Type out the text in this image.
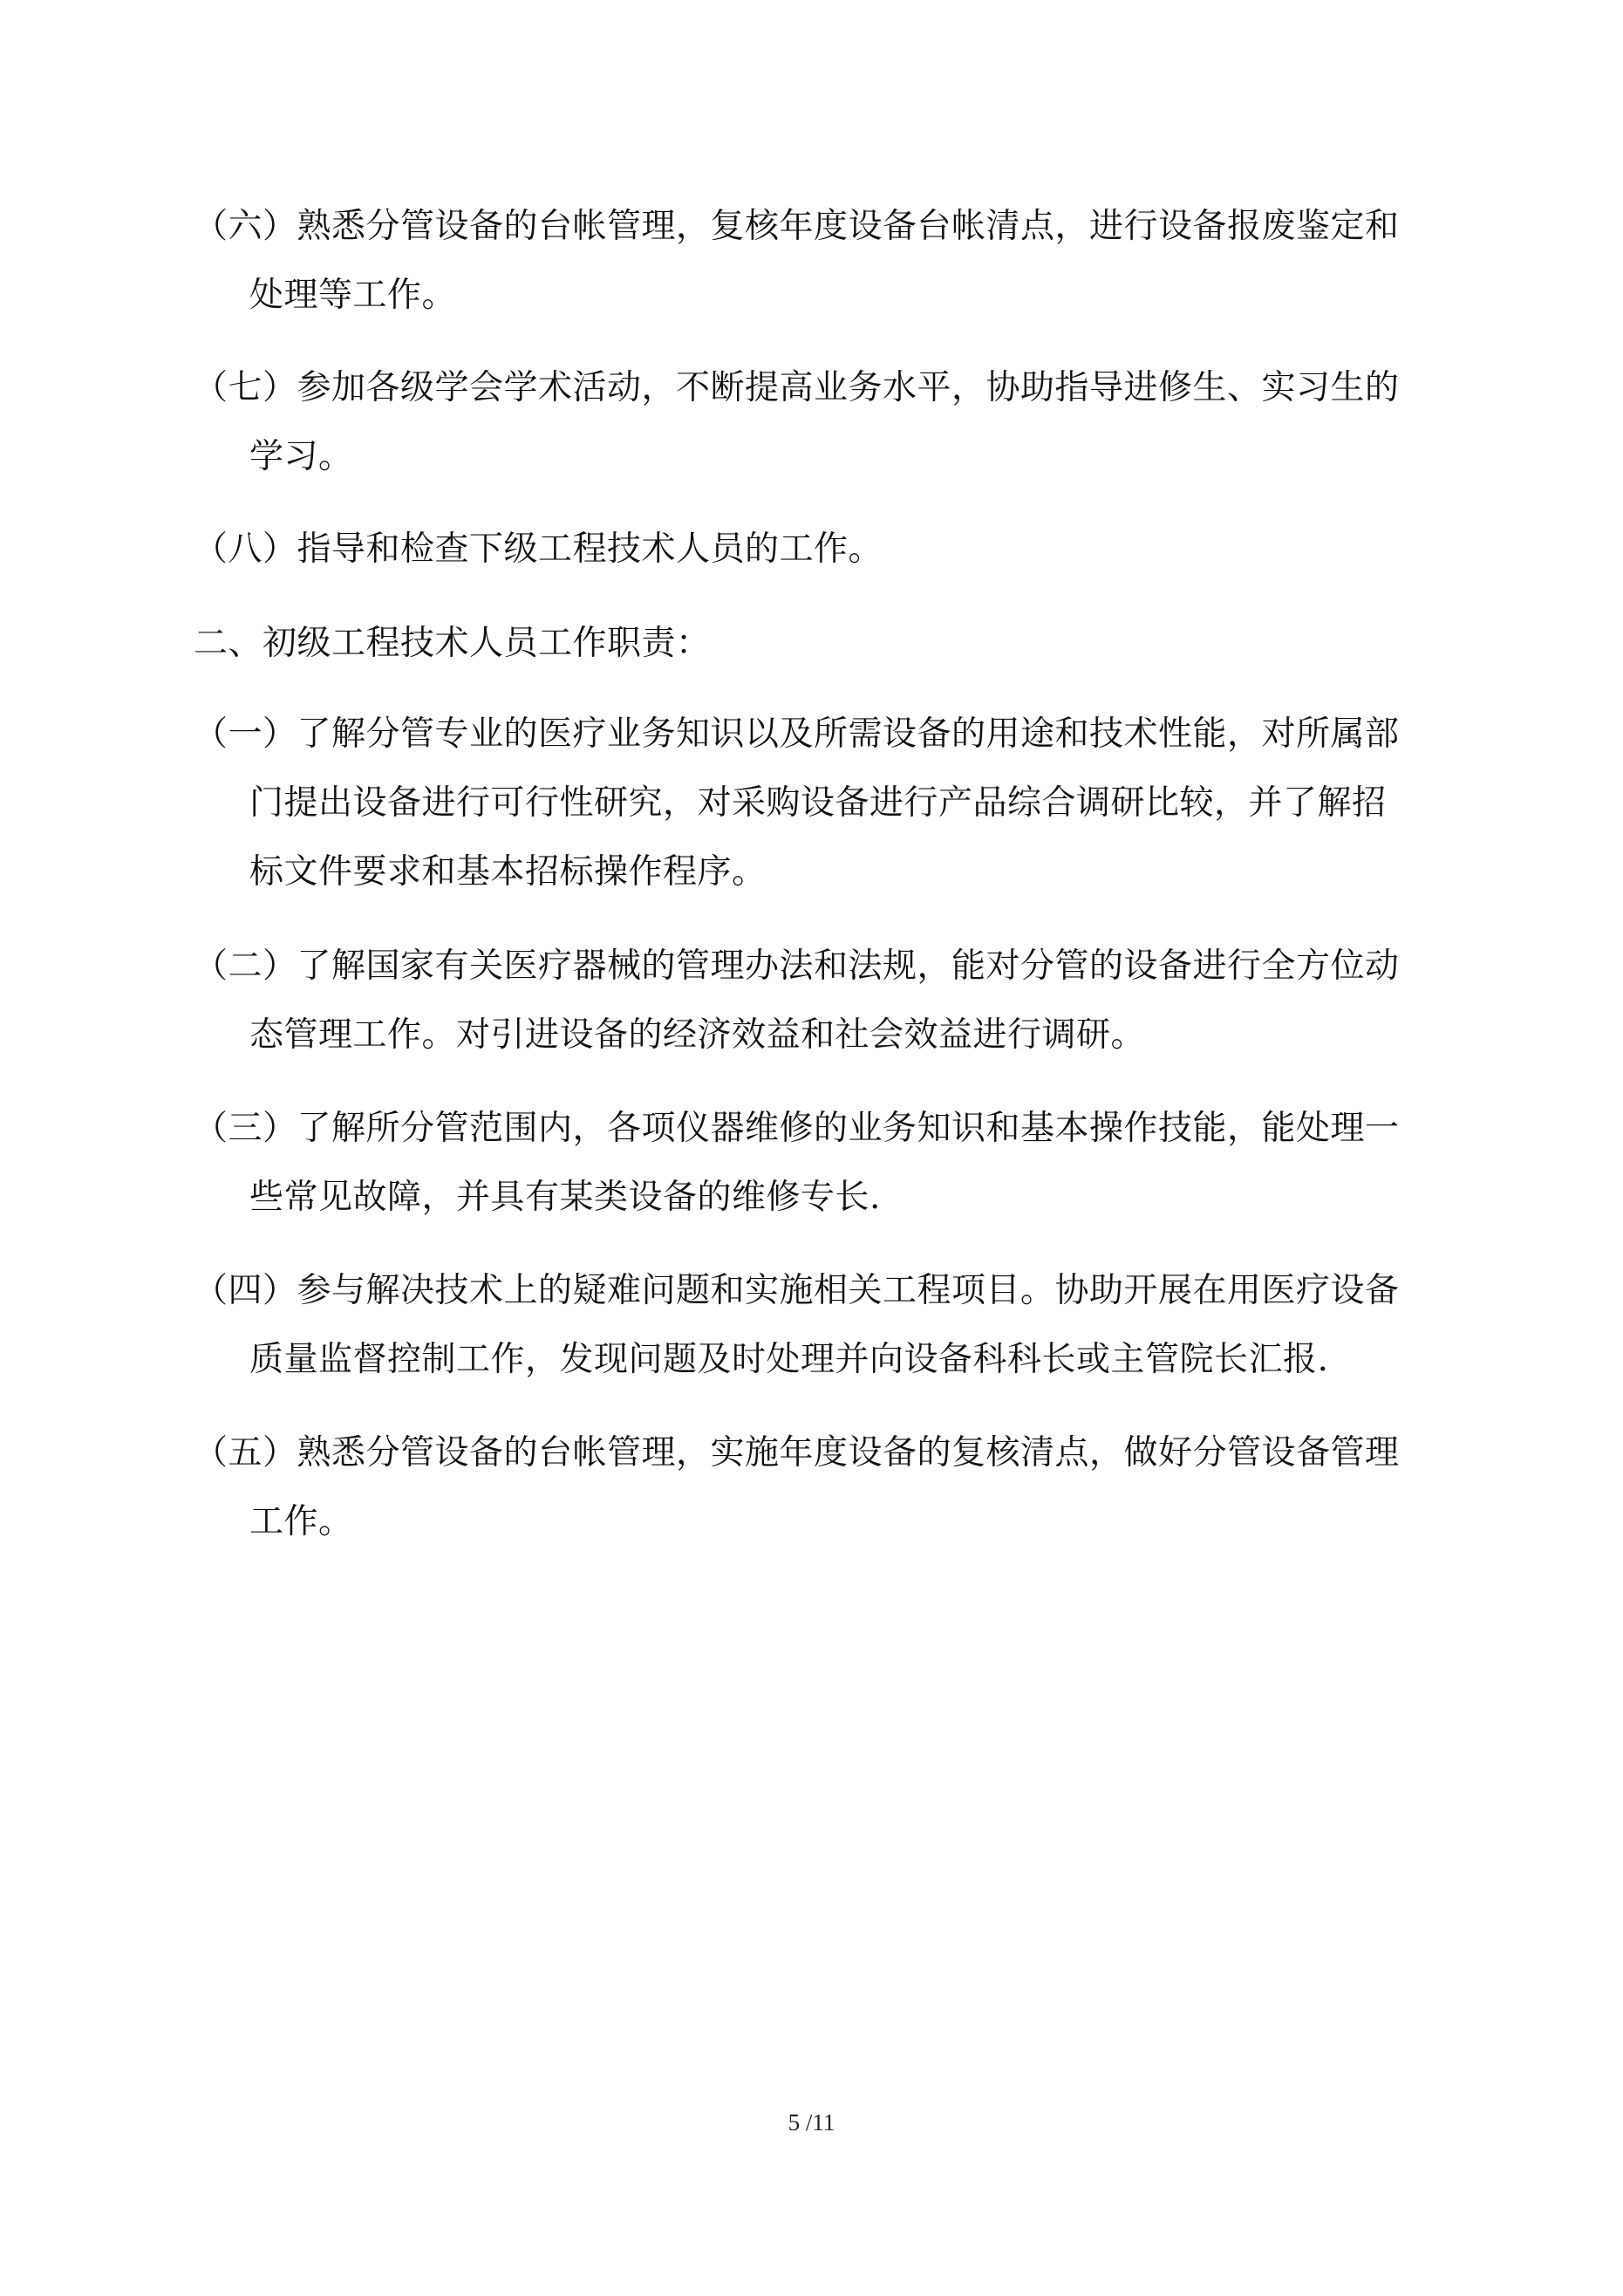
（六）熟悉分管设备的台帐管理，复核年度设备台帐清点，进行设备报废鉴定和
处理等工作。
（七）参加各级学会学术活动，不断提高业务水平，协助指导进修生、实习生的
学习。
（八）指导和检查下级工程技术人员的工作。
二、初级工程技术人员工作职责：
（一）了解分管专业的医疗业务知识以及所需设备的用途和技术性能，对所属部
门提出设备进行可行性研究，对采购设备进行产品综合调研比较，并了解招
标文件要求和基本招标操作程序。
（二）了解国家有关医疗器械的管理办法和法规，能对分管的设备进行全方位动
态管理工作。对引进设备的经济效益和社会效益进行调研。
（三）了解所分管范围内，各项仪器维修的业务知识和基本操作技能，能处理一
些常见故障，并具有某类设备的维修专长.
（四）参与解决技术上的疑难问题和实施相关工程项目。协助开展在用医疗设备
质量监督控制工作，发现问题及时处理并向设备科科长或主管院长汇报.
（五）熟悉分管设备的台帐管理，实施年度设备的复核清点，做好分管设备管理
工作。
5 /11
